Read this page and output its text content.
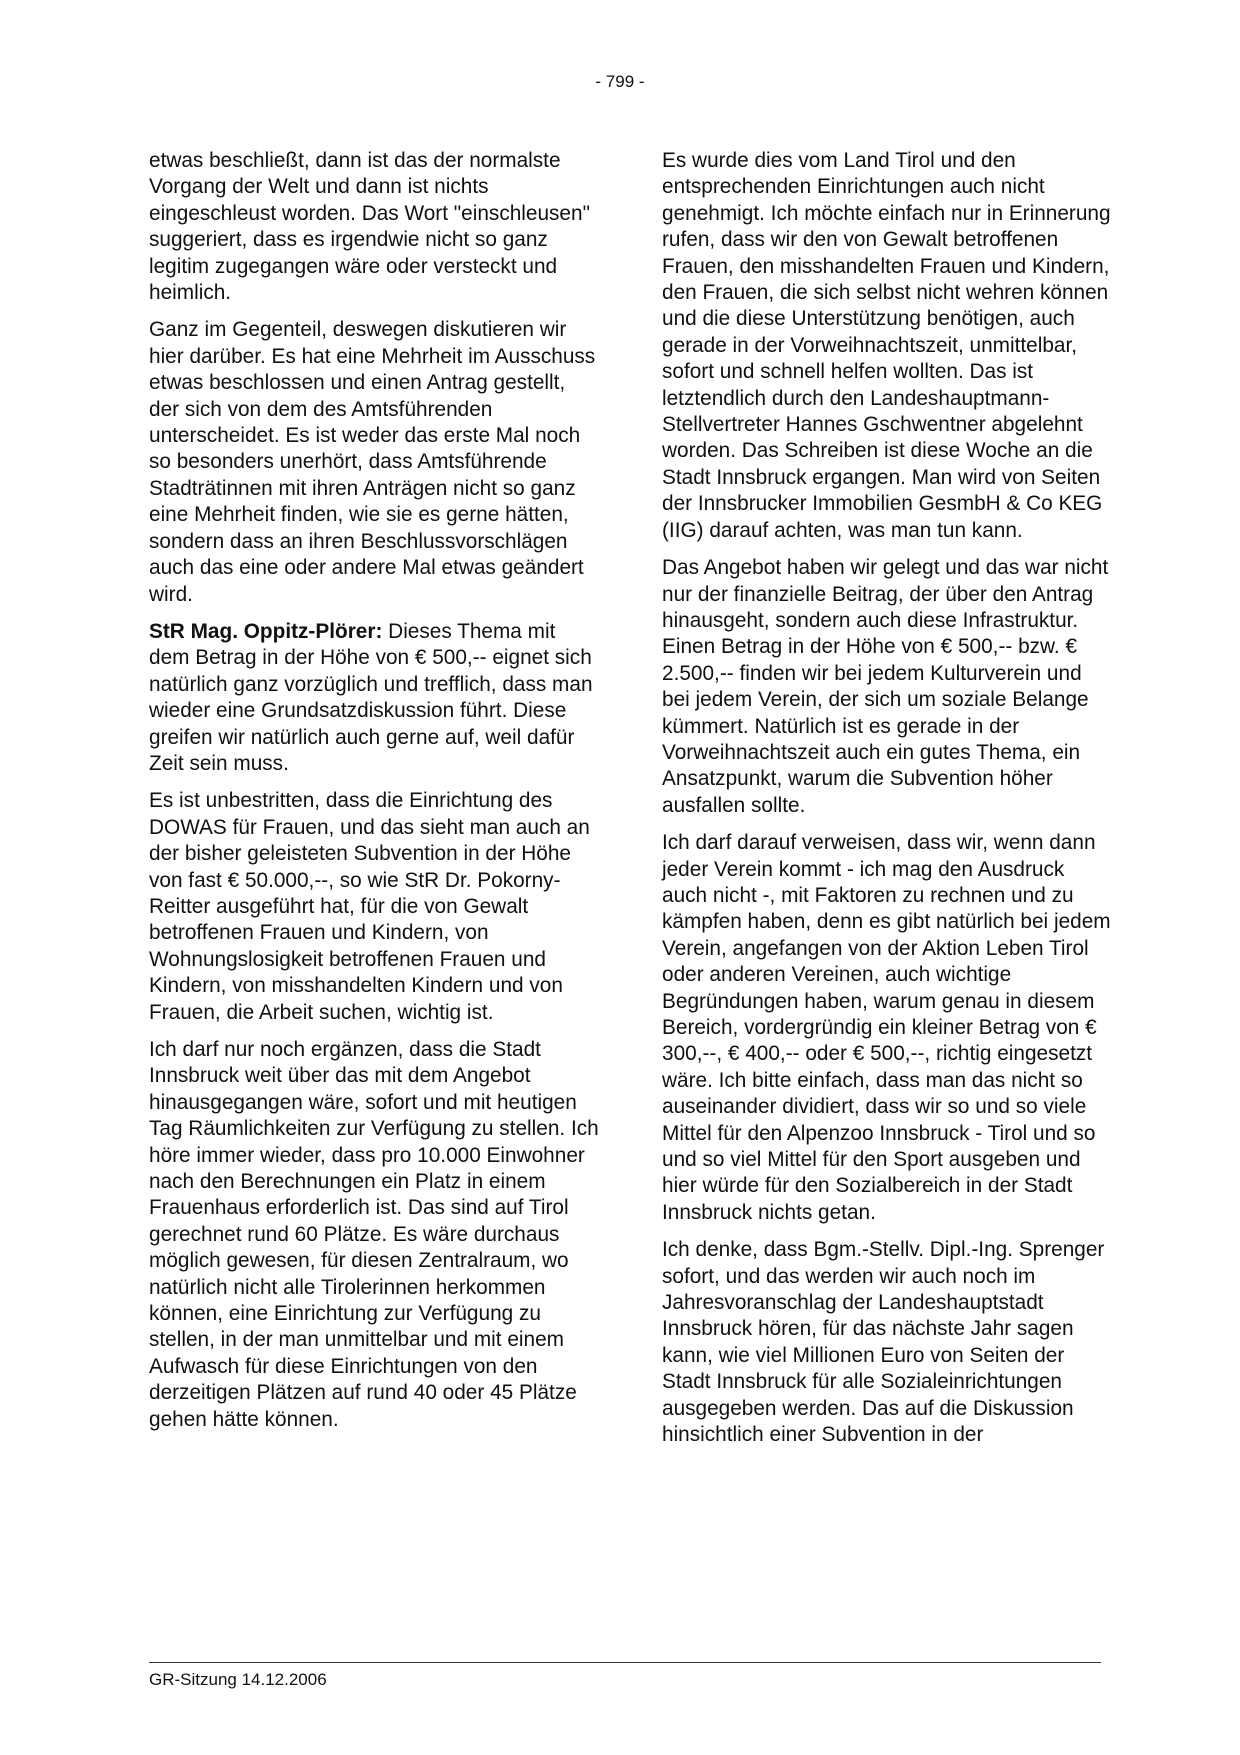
- 799 -

etwas beschließt, dann ist das der normalste Vorgang der Welt und dann ist nichts eingeschleust worden. Das Wort "einschleusen" suggeriert, dass es irgendwie nicht so ganz legitim zugegangen wäre oder versteckt und heimlich.

Ganz im Gegenteil, deswegen diskutieren wir hier darüber. Es hat eine Mehrheit im Ausschuss etwas beschlossen und einen Antrag gestellt, der sich von dem des Amtsführenden unterscheidet. Es ist weder das erste Mal noch so besonders unerhört, dass Amtsführende Stadträtinnen mit ihren Anträgen nicht so ganz eine Mehrheit finden, wie sie es gerne hätten, sondern dass an ihren Beschlussvorschlägen auch das eine oder andere Mal etwas geändert wird.

StR Mag. Oppitz-Plörer: Dieses Thema mit dem Betrag in der Höhe von € 500,-- eignet sich natürlich ganz vorzüglich und trefflich, dass man wieder eine Grundsatzdiskussion führt. Diese greifen wir natürlich auch gerne auf, weil dafür Zeit sein muss.

Es ist unbestritten, dass die Einrichtung des DOWAS für Frauen, und das sieht man auch an der bisher geleisteten Subvention in der Höhe von fast € 50.000,--, so wie StR Dr. Pokorny-Reitter ausgeführt hat, für die von Gewalt betroffenen Frauen und Kindern, von Wohnungslosigkeit betroffenen Frauen und Kindern, von misshandelten Kindern und von Frauen, die Arbeit suchen, wichtig ist.

Ich darf nur noch ergänzen, dass die Stadt Innsbruck weit über das mit dem Angebot hinausgegangen wäre, sofort und mit heutigen Tag Räumlichkeiten zur Verfügung zu stellen. Ich höre immer wieder, dass pro 10.000 Einwohner nach den Berechnungen ein Platz in einem Frauenhaus erforderlich ist. Das sind auf Tirol gerechnet rund 60 Plätze. Es wäre durchaus möglich gewesen, für diesen Zentralraum, wo natürlich nicht alle Tirolerinnen herkommen können, eine Einrichtung zur Verfügung zu stellen, in der man unmittelbar und mit einem Aufwasch für diese Einrichtungen von den derzeitigen Plätzen auf rund 40 oder 45 Plätze gehen hätte können.

Es wurde dies vom Land Tirol und den entsprechenden Einrichtungen auch nicht genehmigt. Ich möchte einfach nur in Erinnerung rufen, dass wir den von Gewalt betroffenen Frauen, den misshandelten Frauen und Kindern, den Frauen, die sich selbst nicht wehren können und die diese Unterstützung benötigen, auch gerade in der Vorweihnachtszeit, unmittelbar, sofort und schnell helfen wollten. Das ist letztendlich durch den Landeshauptmann-Stellvertreter Hannes Gschwentner abgelehnt worden. Das Schreiben ist diese Woche an die Stadt Innsbruck ergangen. Man wird von Seiten der Innsbrucker Immobilien GesmbH & Co KEG (IIG) darauf achten, was man tun kann.

Das Angebot haben wir gelegt und das war nicht nur der finanzielle Beitrag, der über den Antrag hinausgeht, sondern auch diese Infrastruktur. Einen Betrag in der Höhe von € 500,-- bzw. € 2.500,-- finden wir bei jedem Kulturverein und bei jedem Verein, der sich um soziale Belange kümmert. Natürlich ist es gerade in der Vorweihnachtszeit auch ein gutes Thema, ein Ansatzpunkt, warum die Subvention höher ausfallen sollte.

Ich darf darauf verweisen, dass wir, wenn dann jeder Verein kommt - ich mag den Ausdruck auch nicht -, mit Faktoren zu rechnen und zu kämpfen haben, denn es gibt natürlich bei jedem Verein, angefangen von der Aktion Leben Tirol oder anderen Vereinen, auch wichtige Begründungen haben, warum genau in diesem Bereich, vordergründig ein kleiner Betrag von € 300,--, € 400,-- oder € 500,--, richtig eingesetzt wäre. Ich bitte einfach, dass man das nicht so auseinander dividiert, dass wir so und so viele Mittel für den Alpenzoo Innsbruck - Tirol und so und so viel Mittel für den Sport ausgeben und hier würde für den Sozialbereich in der Stadt Innsbruck nichts getan.

Ich denke, dass Bgm.-Stellv. Dipl.-Ing. Sprenger sofort, und das werden wir auch noch im Jahresvoranschlag der Landeshauptstadt Innsbruck hören, für das nächste Jahr sagen kann, wie viel Millionen Euro von Seiten der Stadt Innsbruck für alle Sozialeinrichtungen ausgegeben werden. Das auf die Diskussion hinsichtlich einer Subvention in der

GR-Sitzung 14.12.2006
